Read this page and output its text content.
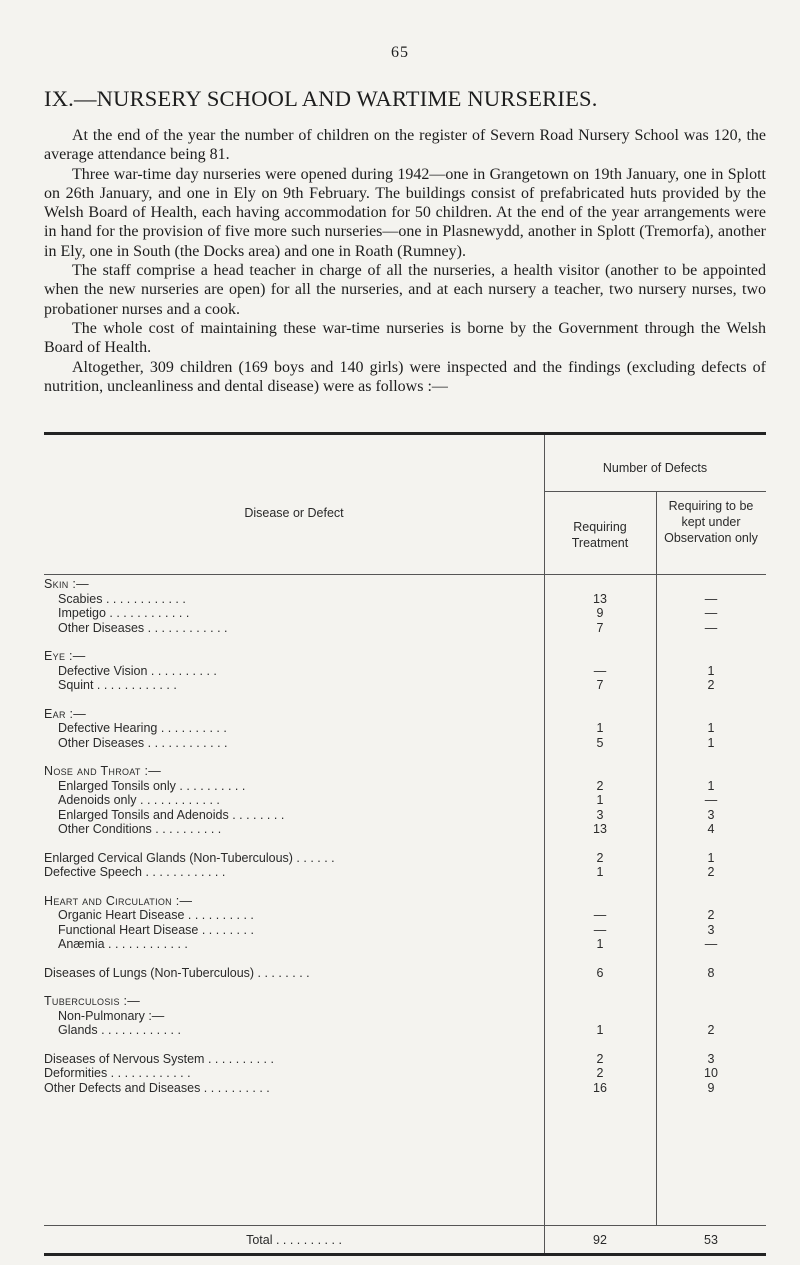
65
IX.—NURSERY SCHOOL AND WARTIME NURSERIES.

At the end of the year the number of children on the register of Severn Road Nursery School was 120, the average attendance being 81.

Three war-time day nurseries were opened during 1942—one in Grangetown on 19th January, one in Splott on 26th January, and one in Ely on 9th February. The buildings consist of prefabricated huts provided by the Welsh Board of Health, each having accommodation for 50 children. At the end of the year arrangements were in hand for the provision of five more such nurseries—one in Plasnewydd, another in Splott (Tremorfa), another in Ely, one in South (the Docks area) and one in Roath (Rumney).

The staff comprise a head teacher in charge of all the nurseries, a health visitor (another to be appointed when the new nurseries are open) for all the nurseries, and at each nursery a teacher, two nursery nurses, two probationer nurses and a cook.

The whole cost of maintaining these war-time nurseries is borne by the Government through the Welsh Board of Health.

Altogether, 309 children (169 boys and 140 girls) were inspected and the findings (excluding defects of nutrition, uncleanliness and dental disease) were as follows :—

Disease or Defect
Number of Defects
Requiring Treatment
Requiring to be kept under Observation only
Skin :—
Scabies . . . . . . . . . . . .	13	—
Impetigo . . . . . . . . . . . .	9	—
Other Diseases . . . . . . . . . . . .	7	—
Eye :—
Defective Vision . . . . . . . . . .	—	1
Squint . . . . . . . . . . . .	7	2
Ear :—
Defective Hearing . . . . . . . . . .	1	1
Other Diseases . . . . . . . . . . . .	5	1
Nose and Throat :—
Enlarged Tonsils only . . . . . . . . . .	2	1
Adenoids only . . . . . . . . . . . .	1	—
Enlarged Tonsils and Adenoids . . . . . . . .	3	3
Other Conditions . . . . . . . . . .	13	4
Enlarged Cervical Glands (Non-Tuberculous) . . . . . .	2	1
Defective Speech . . . . . . . . . . . .	1	2
Heart and Circulation :—
Organic Heart Disease . . . . . . . . . .	—	2
Functional Heart Disease . . . . . . . .	—	3
Anæmia . . . . . . . . . . . .	1	—
Diseases of Lungs (Non-Tuberculous) . . . . . . . .	6	8
Tuberculosis :—
Non-Pulmonary :—
Glands . . . . . . . . . . . .	1	2
Diseases of Nervous System . . . . . . . . . .	2	3
Deformities . . . . . . . . . . . .	2	10
Other Defects and Diseases . . . . . . . . . .	16	9
Total . . . . . . . . . .	92	53
